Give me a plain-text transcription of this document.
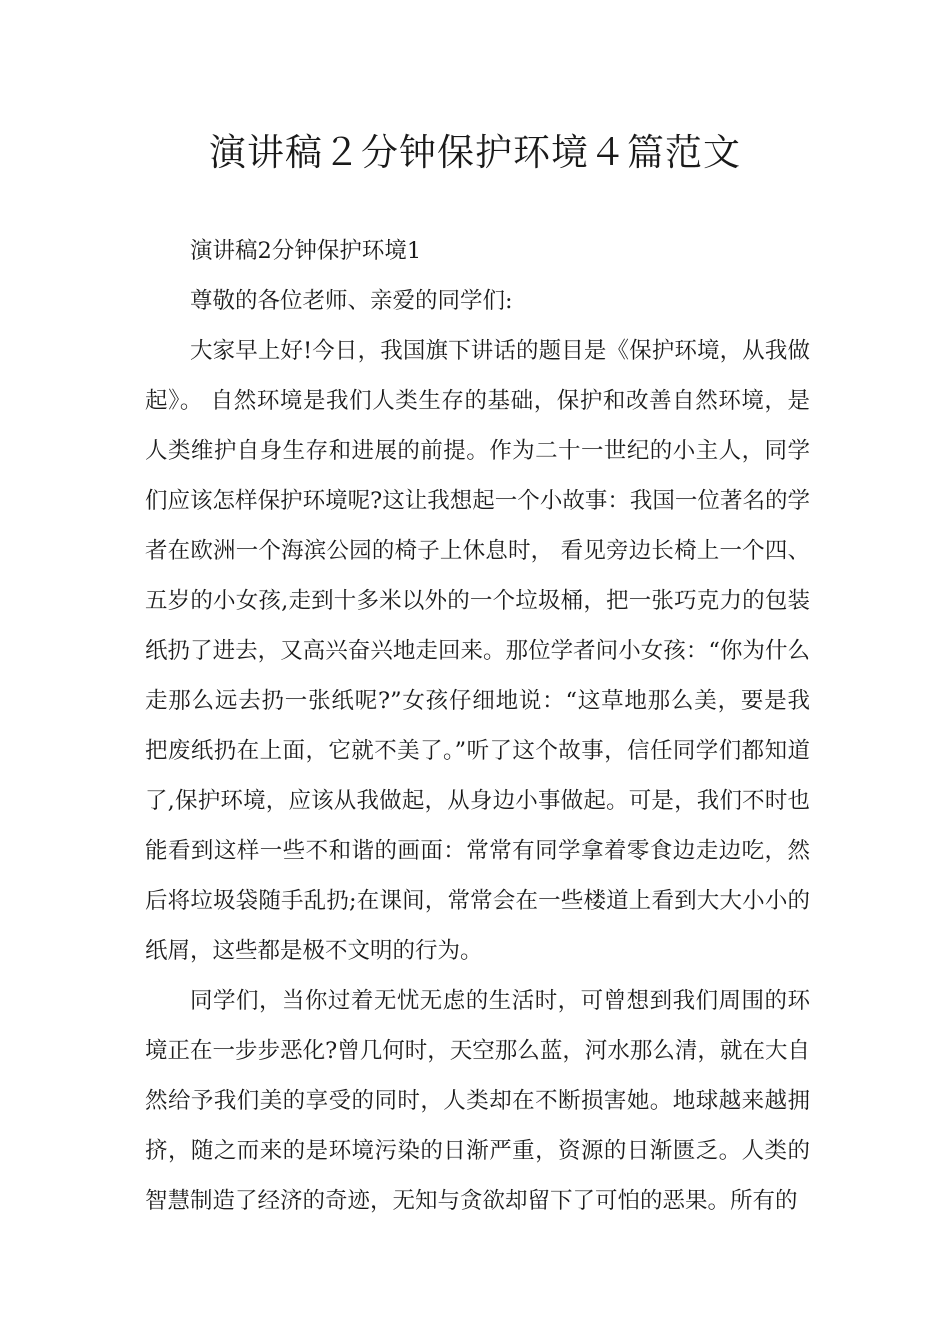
演讲稿２分钟保护环境４篇范文

演讲稿2分钟保护环境1

尊敬的各位老师、亲爱的同学们:

大家早上好!今日，我国旗下讲话的题目是《保护环境，从我做起》。 自然环境是我们人类生存的基础，保护和改善自然环境，是人类维护自身生存和进展的前提。作为二十一世纪的小主人，同学们应该怎样保护环境呢?这让我想起一个小故事：我国一位著名的学者在欧洲一个海滨公园的椅子上休息时， 看见旁边长椅上一个四、五岁的小女孩,走到十多米以外的一个垃圾桶，把一张巧克力的包装纸扔了进去，又高兴奋兴地走回来。那位学者问小女孩：“你为什么走那么远去扔一张纸呢?”女孩仔细地说：“这草地那么美，要是我把废纸扔在上面，它就不美了。”听了这个故事，信任同学们都知道了,保护环境，应该从我做起，从身边小事做起。可是，我们不时也能看到这样一些不和谐的画面：常常有同学拿着零食边走边吃，然后将垃圾袋随手乱扔;在课间，常常会在一些楼道上看到大大小小的纸屑，这些都是极不文明的行为。

同学们，当你过着无忧无虑的生活时，可曾想到我们周围的环境正在一步步恶化?曾几何时，天空那么蓝，河水那么清，就在大自然给予我们美的享受的同时，人类却在不断损害她。地球越来越拥挤，随之而来的是环境污染的日渐严重，资源的日渐匮乏。人类的智慧制造了经济的奇迹，无知与贪欲却留下了可怕的恶果。所有的
